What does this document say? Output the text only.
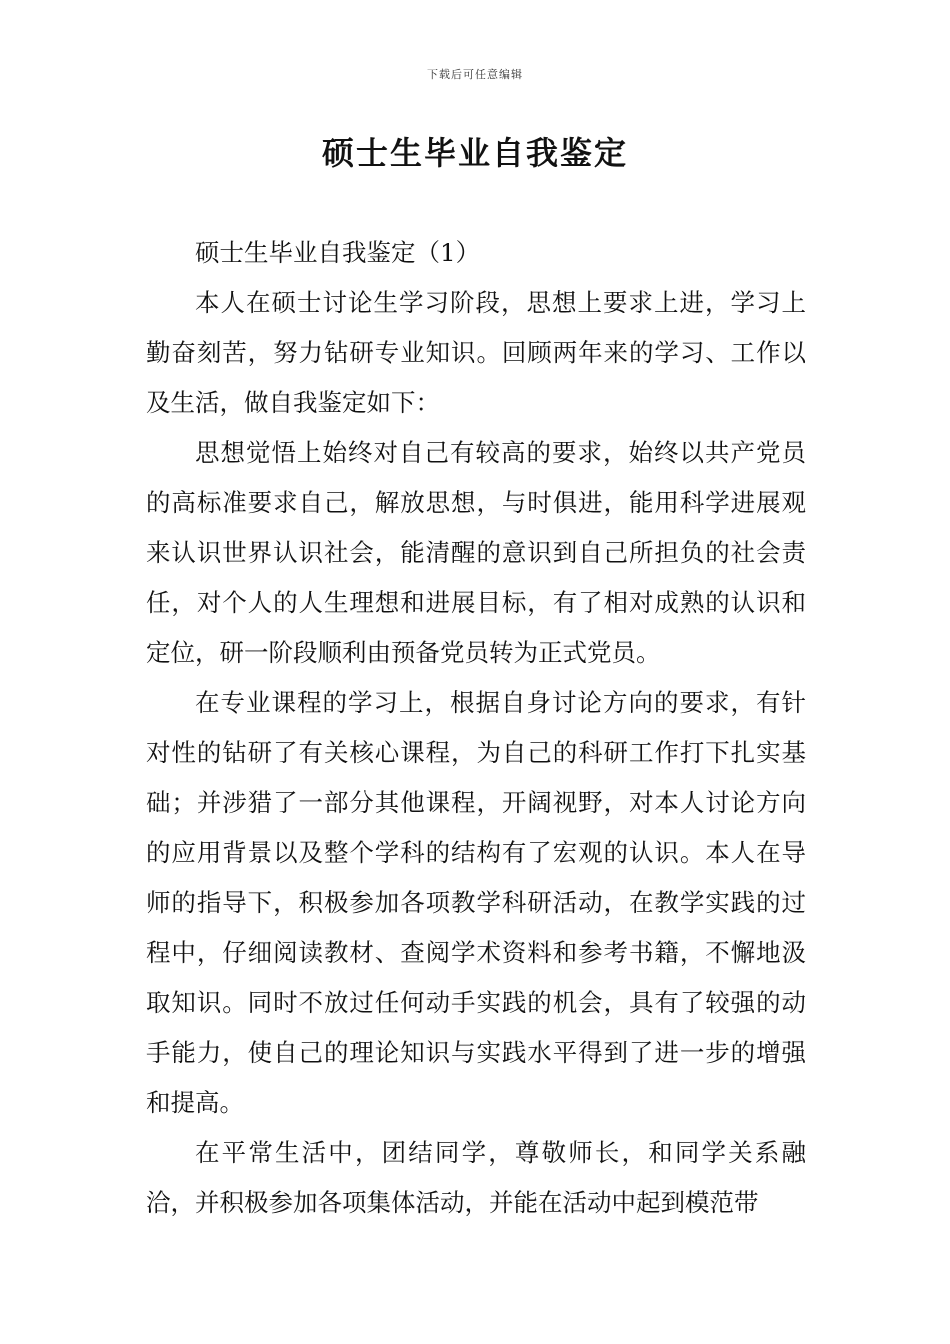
下载后可任意编辑
硕士生毕业自我鉴定

硕士生毕业自我鉴定（1）

本人在硕士讨论生学习阶段，思想上要求上进，学习上勤奋刻苦，努力钻研专业知识。回顾两年来的学习、工作以及生活，做自我鉴定如下：

思想觉悟上始终对自己有较高的要求，始终以共产党员的高标准要求自己，解放思想，与时俱进，能用科学进展观来认识世界认识社会，能清醒的意识到自己所担负的社会责任，对个人的人生理想和进展目标，有了相对成熟的认识和定位，研一阶段顺利由预备党员转为正式党员。

在专业课程的学习上，根据自身讨论方向的要求，有针对性的钻研了有关核心课程，为自己的科研工作打下扎实基础；并涉猎了一部分其他课程，开阔视野，对本人讨论方向的应用背景以及整个学科的结构有了宏观的认识。本人在导师的指导下，积极参加各项教学科研活动，在教学实践的过程中，仔细阅读教材、查阅学术资料和参考书籍，不懈地汲取知识。同时不放过任何动手实践的机会，具有了较强的动手能力，使自己的理论知识与实践水平得到了进一步的增强和提高。

在平常生活中，团结同学，尊敬师长，和同学关系融洽，并积极参加各项集体活动，并能在活动中起到模范带
